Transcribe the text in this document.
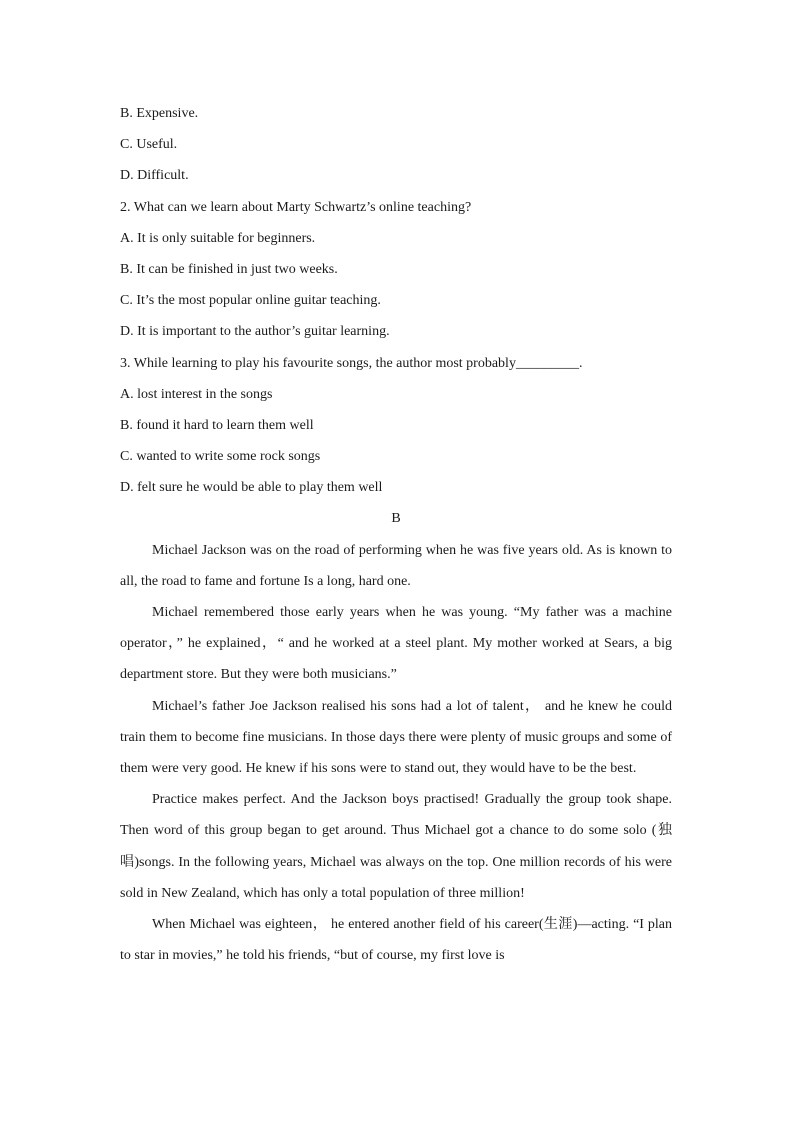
B. Expensive.
C. Useful.
D. Difficult.
2. What can we learn about Marty Schwartz’s online teaching?
A. It is only suitable for beginners.
B. It can be finished in just two weeks.
C. It’s the most popular online guitar teaching.
D. It is important to the author’s guitar learning.
3. While learning to play his favourite songs, the author most probably_________.
A. lost interest in the songs
B. found it hard to learn them well
C. wanted to write some rock songs
D. felt sure he would be able to play them well
B

Michael Jackson was on the road of performing when he was five years old. As is known to all, the road to fame and fortune Is a long, hard one.

Michael remembered those early years when he was young. “My father was a machine operator，” he explained，“ and he worked at a steel plant. My mother worked at Sears, a big department store. But they were both musicians.”

Michael’s father Joe Jackson realised his sons had a lot of talent， and he knew he could train them to become fine musicians. In those days there were plenty of music groups and some of them were very good. He knew if his sons were to stand out, they would have to be the best.

Practice makes perfect. And the Jackson boys practised! Gradually the group took shape. Then word of this group began to get around. Thus Michael got a chance to do some solo (独唱)songs. In the following years, Michael was always on the top. One million records of his were sold in New Zealand, which has only a total population of three million!

When Michael was eighteen， he entered another field of his career(生涯)—acting. “I plan to star in movies,” he told his friends, “but of course, my first love is
